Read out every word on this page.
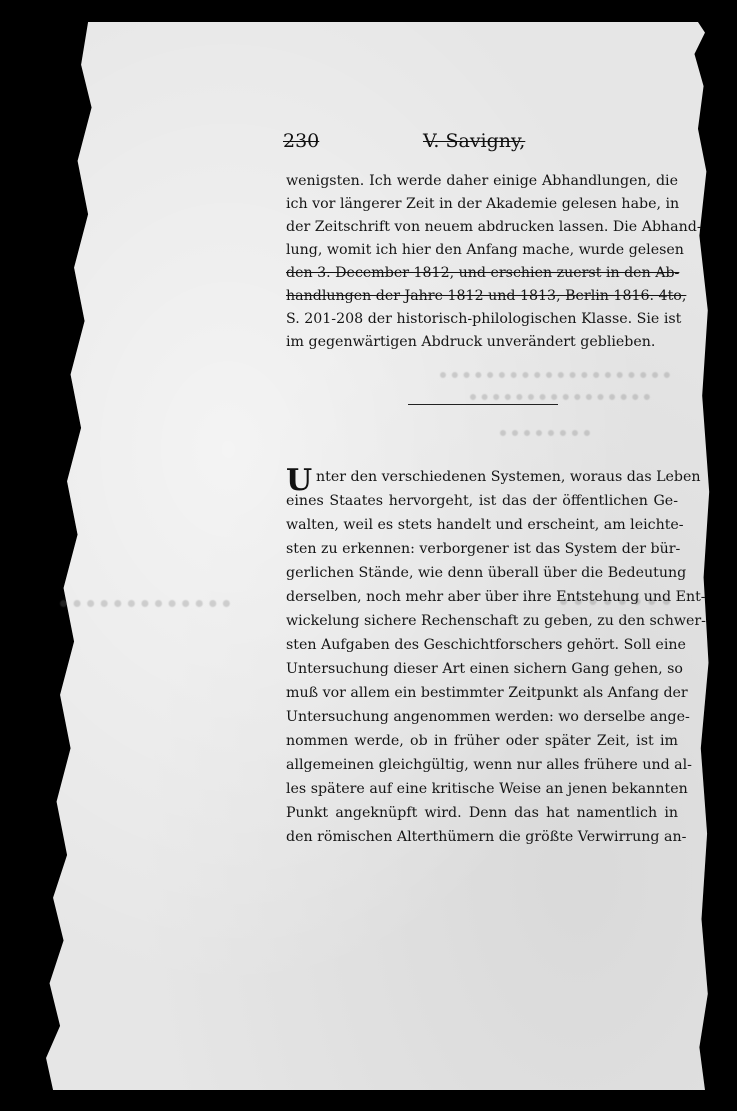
230	V. Savigny,
wenigsten. Ich werde daher einige Abhandlungen, die
ich vor längerer Zeit in der Akademie gelesen habe, in
der Zeitschrift von neuem abdrucken lassen. Die Abhand-
lung, womit ich hier den Anfang mache, wurde gelesen
den 3. December 1812, und erschien zuerst in den Ab-
handlungen der Jahre 1812 und 1813, Berlin 1816. 4to,
S. 201-208 der historisch-philologischen Klasse. Sie ist
im gegenwärtigen Abdruck unverändert geblieben.
U nter den verschiedenen Systemen, woraus das Leben
eines Staates hervorgeht, ist das der öffentlichen Ge-
walten, weil es stets handelt und erscheint, am leichte-
sten zu erkennen: verborgener ist das System der bür-
gerlichen Stände, wie denn überall über die Bedeutung
derselben, noch mehr aber über ihre Entstehung und Ent-
wickelung sichere Rechenschaft zu geben, zu den schwer-
sten Aufgaben des Geschichtforschers gehört. Soll eine
Untersuchung dieser Art einen sichern Gang gehen, so
muß vor allem ein bestimmter Zeitpunkt als Anfang der
Untersuchung angenommen werden: wo derselbe ange-
nommen werde, ob in früher oder später Zeit, ist im
allgemeinen gleichgültig, wenn nur alles frühere und al-
les spätere auf eine kritische Weise an jenen bekannten
Punkt angeknüpft wird. Denn das hat namentlich in
den römischen Alterthümern die größte Verwirrung an-
